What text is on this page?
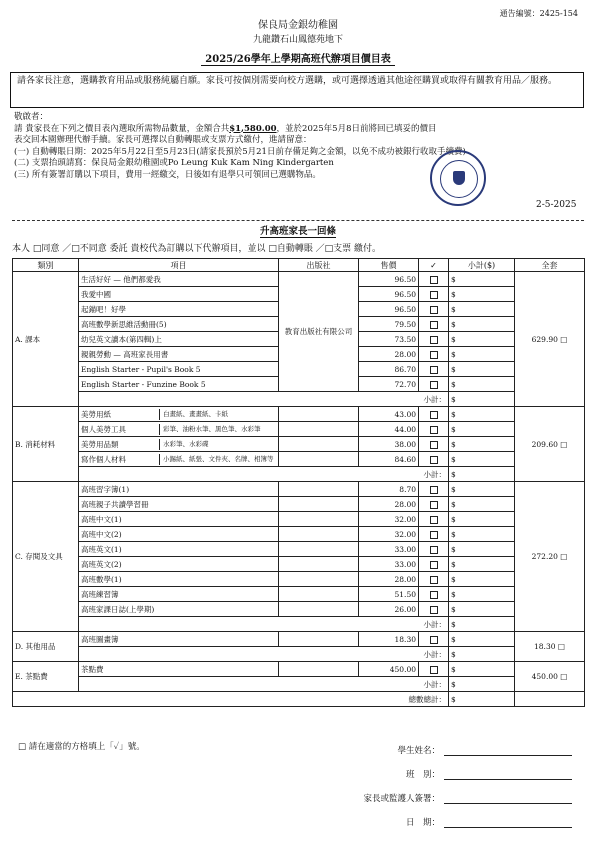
通告編號：2425-154
保良局金銀幼稚園
九龍鑽石山鳳德苑地下
2025/26學年上學期高班代辦項目價目表
請各家長注意，選購教育用品或服務純屬自願。家長可按個別需要向校方選購，或可選擇透過其他途徑購買或取得有關教育用品／服務。
敬啟者：
請 貴家長在下列之價目表內選取所需物品數量，金額合共$1,580.00，並於2025年5月8日前將回已填妥的價目
表交回本園辦理代辦手續。家長可選擇以自動轉賬或支票方式繳付，進請留意：
(一) 自動轉賬日期：2025年5月22日至5月23日(請家長預於5月21日前存備足夠之金額，以免不成功被銀行收取手續費)
(二) 支票抬頭請寫：保良局金銀幼稚園或Po Leung Kuk Kam Ning Kindergarten
(三) 所有簽署訂購以下項目，費用一經繳交，日後如有退學只可領回已選購物品。
2-5-2025
升高班家長一回條
本人 □同意 ／□不同意 委託 貴校代為訂購以下代辦項目，並以 □自動轉賬 ／□支票 繳付。
類別	項目	出版社	售價	✓	小計($)	全套
A. 課本	生活好好 — 他們都愛我	教育出版社有限公司	96.50		$	629.90 □
	我愛中國		96.50		$	
	起錨吧！好學		96.50		$	
	高班數學新思維活動冊(5)		79.50		$	
	幼兒英文讀本(第四輯)上		73.50		$	
	親親勞動 — 高班家長用書		28.00		$	
	English Starter - Pupil's Book 5		86.70		$	
	English Starter - Funzine Book 5		72.70		$	
	小計：				$	
B. 消耗材料	美勞用紙 白畫紙、畫畫紙、卡紙		43.00		$	209.60 □

	個人美勞工具 彩筆、油粉水筆、黑色筆、水彩筆		44.00		$	

	美勞用品類 水彩筆、水彩碟		38.00		$	

	寫作個人材料 小錫紙、紙張、文件夾、名牌、相簿等		84.60		$	
	小計：				$	
C. 存閱及文具	高班習字簿(1)		8.70		$	272.20 □
	高班親子共讀學習冊		28.00		$	
	高班中文(1)		32.00		$	
	高班中文(2)		32.00		$	
	高班英文(1)		33.00		$	
	高班英文(2)		33.00		$	
	高班數學(1)		28.00		$	
	高班練習簿		51.50		$	
	高班家課日誌(上學期)		26.00		$	
	小計：				$	
D. 其他用品	高班圖畫簿		18.30		$	18.30 □
	小計：				$	
E. 茶點費	茶點費		450.00		$	450.00 □
	小計：				$	
總數總計：					$	
□ 請在適當的方格填上「✓」號。	學生姓名：
班　別：
家長或監護人簽署：
日　期：
